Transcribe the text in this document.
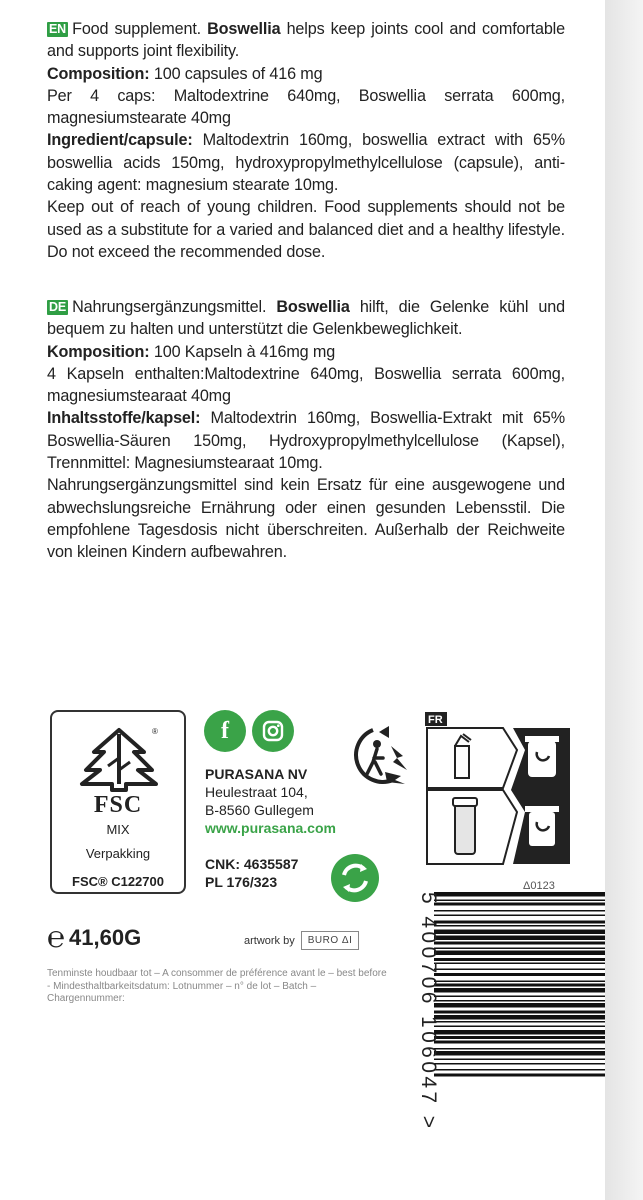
EN Food supplement. Boswellia helps keep joints cool and comfortable and supports joint flexibility.

Composition: 100 capsules of 416 mg

Per 4 caps: Maltodextrine 640mg, Boswellia serrata 600mg, magnesiumstearate 40mg

Ingredient/capsule: Maltodextrin 160mg, boswellia extract with 65% boswellia acids 150mg, hydroxypropylmethylcellulose (capsule), anti-caking agent: magnesium stearate 10mg.

Keep out of reach of young children. Food supplements should not be used as a substitute for a varied and balanced diet and a healthy lifestyle. Do not exceed the recommended dose.

DE Nahrungsergänzungsmittel. Boswellia hilft, die Gelenke kühl und bequem zu halten und unterstützt die Gelenkbeweglichkeit.

Komposition: 100 Kapseln à 416mg mg

4 Kapseln enthalten:Maltodextrine 640mg, Boswellia serrata 600mg, magnesiumstearaat 40mg

Inhaltsstoffe/kapsel: Maltodextrin 160mg, Boswellia-Extrakt mit 65% Boswellia-Säuren 150mg, Hydroxypropylmethylcellulose (Kapsel), Trennmittel: Magnesiumstearaat 10mg.

Nahrungsergänzungsmittel sind kein Ersatz für eine ausgewogene und abwechslungsreiche Ernährung oder einen gesunden Lebensstil. Die empfohlene Tagesdosis nicht überschreiten. Außerhalb der Reichweite von kleinen Kindern aufbewahren.

®
FSC
MIX
Verpakking
FSC® C122700
f
PURASANA NV
Heulestraat 104,
B-8560 Gullegem
www.purasana.com
CNK: 4635587
PL 176/323
FR
Δ0123
℮ 41,60G	artwork by	BURO ΔI
Tenminste houdbaar tot – A consommer de préférence avant le – best before - Mindesthaltbarkeitsdatum: Lotnummer – n° de lot – Batch – Chargennummer:	5 400706 106047 >
